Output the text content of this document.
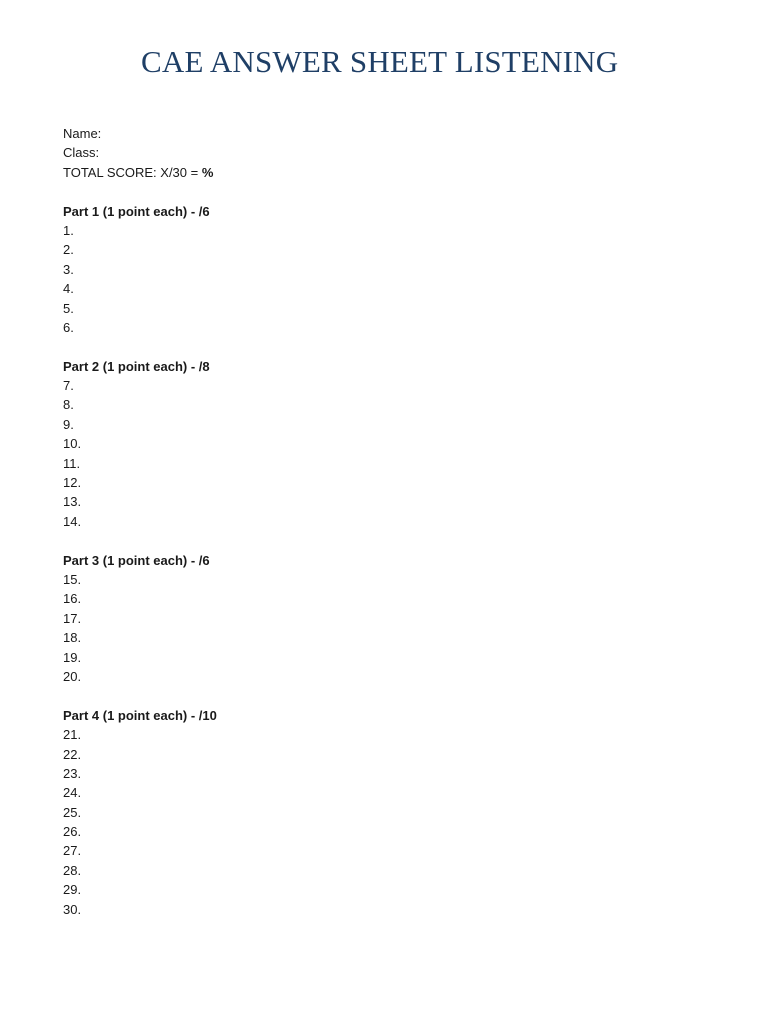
CAE ANSWER SHEET LISTENING
Name:
Class:
TOTAL SCORE: X/30 = %
Part 1 (1 point each) - /6
1.
2.
3.
4.
5.
6.
Part 2 (1 point each) - /8
7.
8.
9.
10.
11.
12.
13.
14.
Part 3 (1 point each) - /6
15.
16.
17.
18.
19.
20.
Part 4 (1 point each) - /10
21.
22.
23.
24.
25.
26.
27.
28.
29.
30.
